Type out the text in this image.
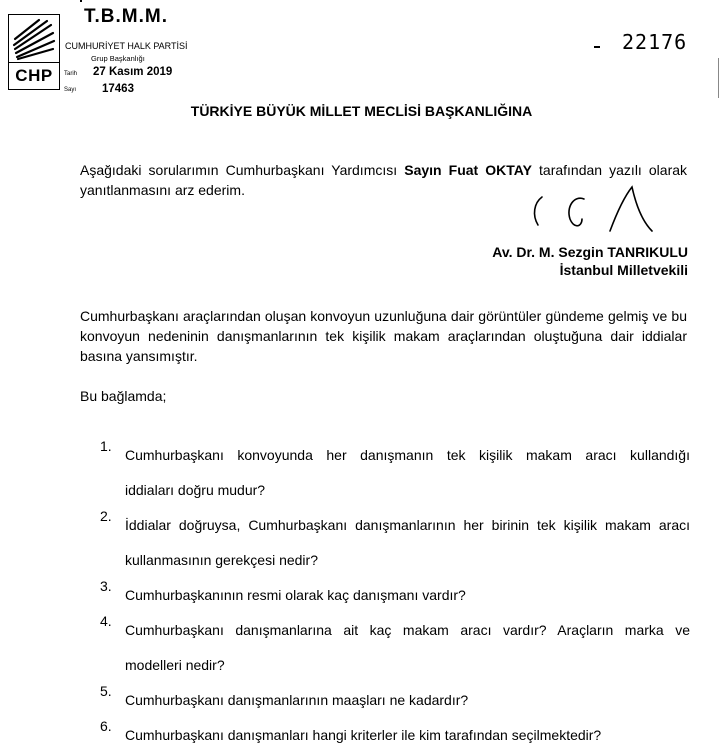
CHP
T.B.M.M.
CUMHURİYET HALK PARTİSİ
Grup Başkanlığı
Tarih 27 Kasım 2019
Sayı 17463
22176
TÜRKİYE BÜYÜK MİLLET MECLİSİ BAŞKANLIĞINA
Aşağıdaki sorularımın Cumhurbaşkanı Yardımcısı Sayın Fuat OKTAY tarafından yazılı olarak yanıtlanmasını arz ederim.
Av. Dr. M. Sezgin TANRIKULU
İstanbul Milletvekili
Cumhurbaşkanı araçlarından oluşan konvoyun uzunluğuna dair görüntüler gündeme gelmiş ve bu konvoyun nedeninin danışmanlarının tek kişilik makam araçlarından oluştuğuna dair iddialar basına yansımıştır.
Bu bağlamda;
1.
Cumhurbaşkanı konvoyunda her danışmanın tek kişilik makam aracı kullandığı
iddiaları doğru mudur?
2.
İddialar doğruysa, Cumhurbaşkanı danışmanlarının her birinin tek kişilik makam aracı
kullanmasının gerekçesi nedir?
3.
Cumhurbaşkanının resmi olarak kaç danışmanı vardır?
4.
Cumhurbaşkanı danışmanlarına ait kaç makam aracı vardır? Araçların marka ve
modelleri nedir?
5.
Cumhurbaşkanı danışmanlarının maaşları ne kadardır?
6.
Cumhurbaşkanı danışmanları hangi kriterler ile kim tarafından seçilmektedir?
